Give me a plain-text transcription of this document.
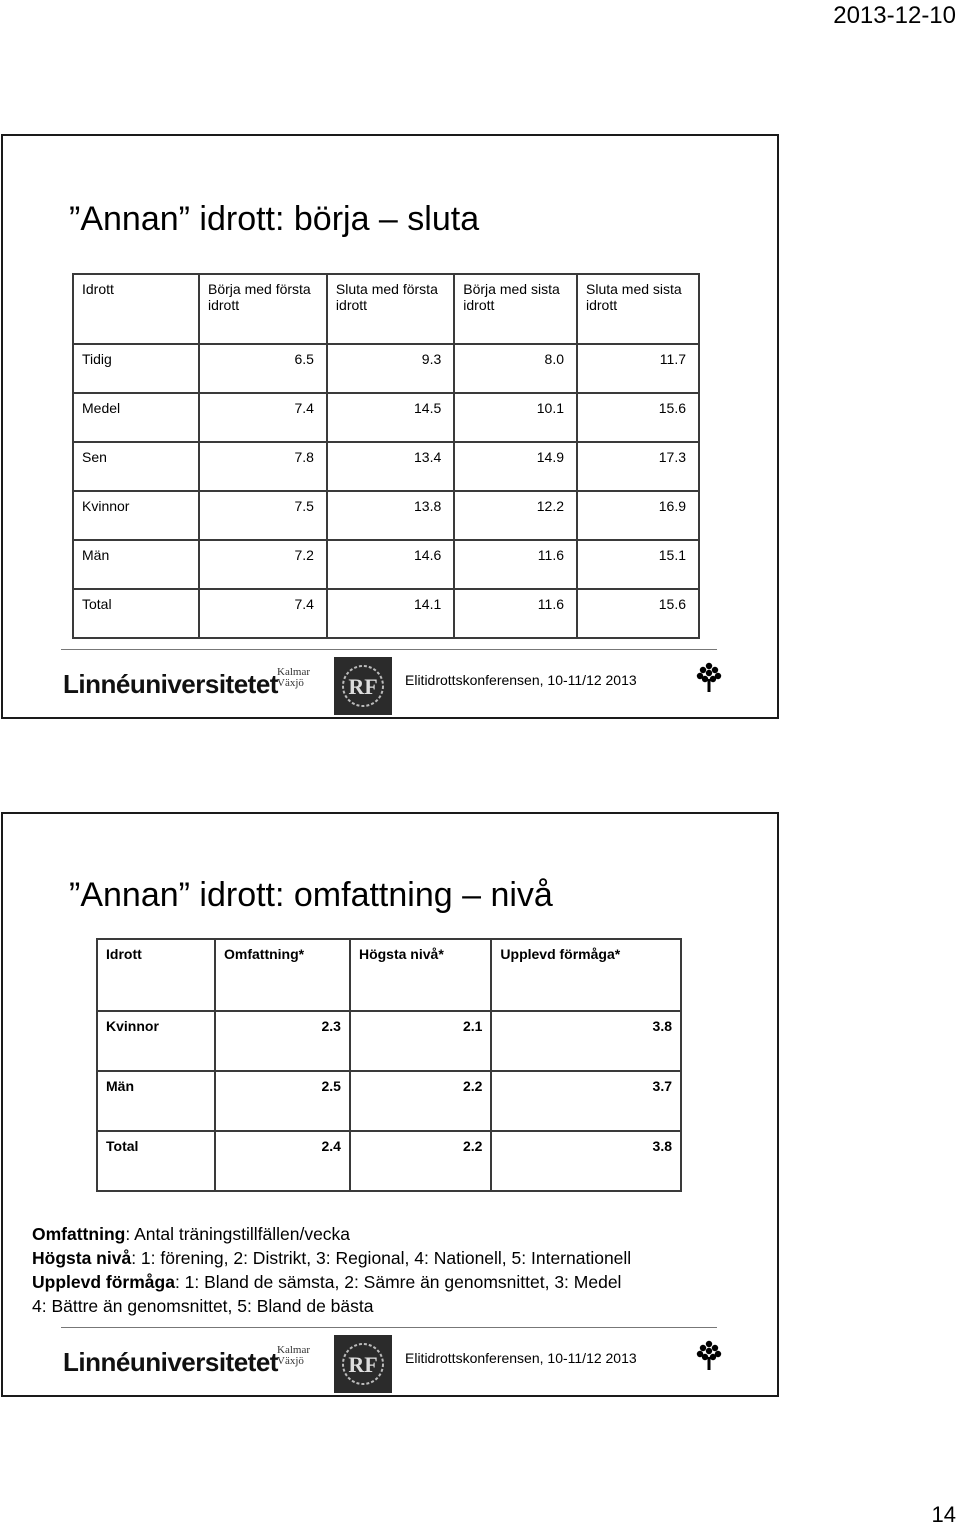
2013-12-10
”Annan” idrott: börja – sluta
Idrott	Börja med första idrott	Sluta med första idrott	Börja med sista idrott	Sluta med sista idrott
Tidig	6.5	9.3	8.0	11.7
Medel	7.4	14.5	10.1	15.6
Sen	7.8	13.4	14.9	17.3
Kvinnor	7.5	13.8	12.2	16.9
Män	7.2	14.6	11.6	15.1
Total	7.4	14.1	11.6	15.6
Linnéuniversitetet Kalmar
Växjö RF Elitidrottskonferensen, 10-11/12 2013
”Annan” idrott: omfattning – nivå
Idrott	Omfattning*	Högsta nivå*	Upplevd förmåga*
Kvinnor	2.3	2.1	3.8
Män	2.5	2.2	3.7
Total	2.4	2.2	3.8

Omfattning: Antal träningstillfällen/vecka

Högsta nivå: 1: förening, 2: Distrikt, 3: Regional, 4: Nationell, 5: Internationell

Upplevd förmåga: 1: Bland de sämsta, 2: Sämre än genomsnittet, 3: Medel

4: Bättre än genomsnittet, 5: Bland de bästa

Linnéuniversitetet Kalmar
Växjö RF Elitidrottskonferensen, 10-11/12 2013
14
